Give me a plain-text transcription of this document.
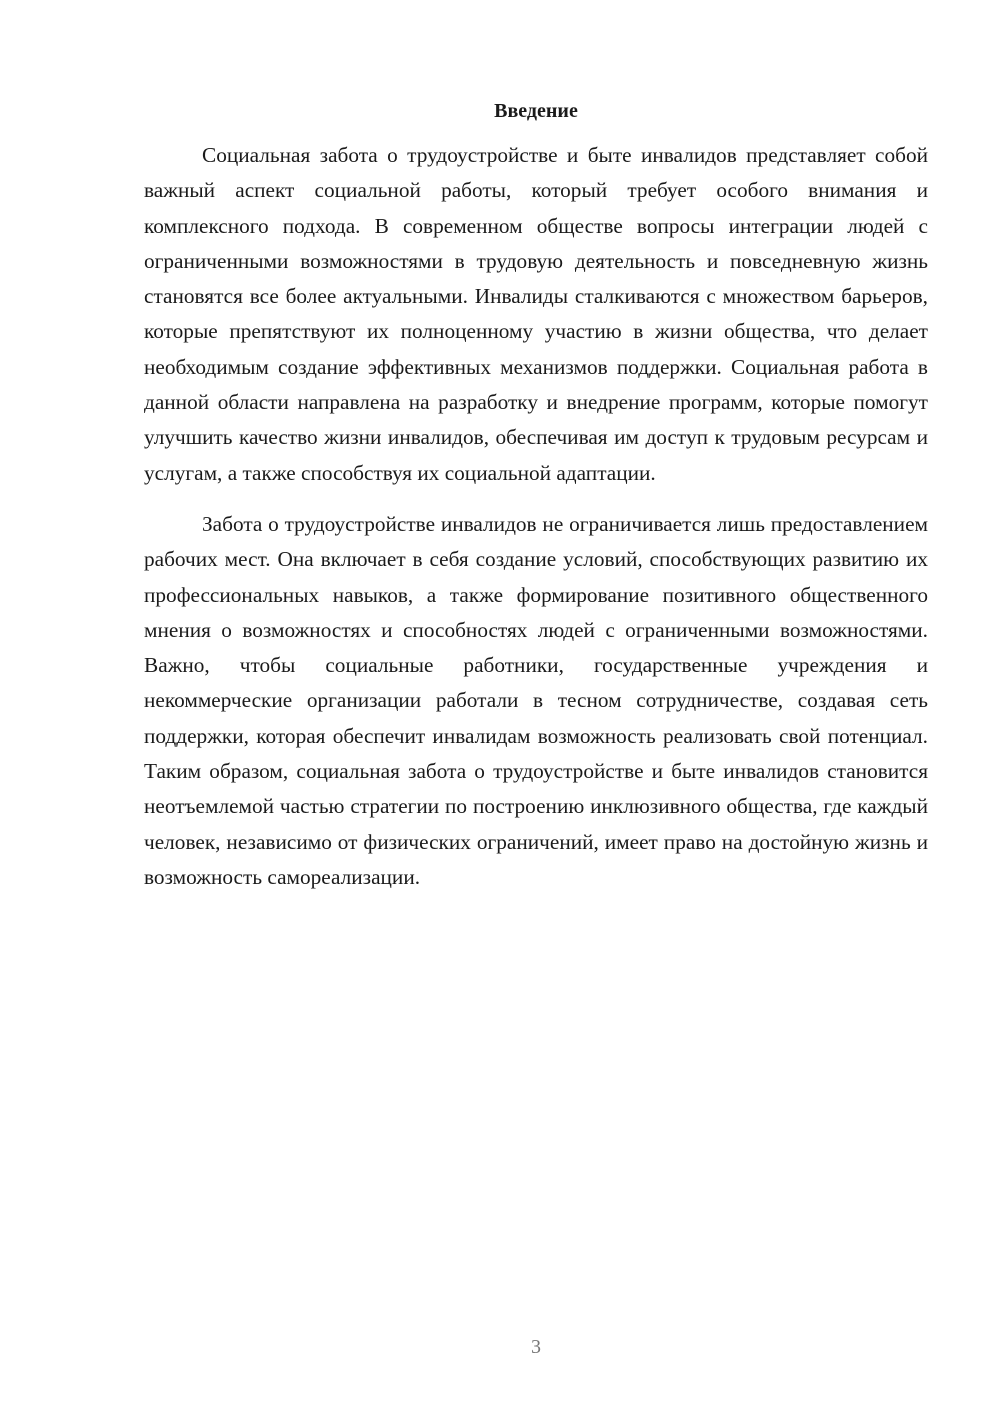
Введение

Социальная забота о трудоустройстве и быте инвалидов представляет собой важный аспект социальной работы, который требует особого внимания и комплексного подхода. В современном обществе вопросы интеграции людей с ограниченными возможностями в трудовую деятельность и повседневную жизнь становятся все более актуальными. Инвалиды сталкиваются с множеством барьеров, которые препятствуют их полноценному участию в жизни общества, что делает необходимым создание эффективных механизмов поддержки. Социальная работа в данной области направлена на разработку и внедрение программ, которые помогут улучшить качество жизни инвалидов, обеспечивая им доступ к трудовым ресурсам и услугам, а также способствуя их социальной адаптации.

Забота о трудоустройстве инвалидов не ограничивается лишь предоставлением рабочих мест. Она включает в себя создание условий, способствующих развитию их профессиональных навыков, а также формирование позитивного общественного мнения о возможностях и способностях людей с ограниченными возможностями. Важно, чтобы социальные работники, государственные учреждения и некоммерческие организации работали в тесном сотрудничестве, создавая сеть поддержки, которая обеспечит инвалидам возможность реализовать свой потенциал. Таким образом, социальная забота о трудоустройстве и быте инвалидов становится неотъемлемой частью стратегии по построению инклюзивного общества, где каждый человек, независимо от физических ограничений, имеет право на достойную жизнь и возможность самореализации.

3
